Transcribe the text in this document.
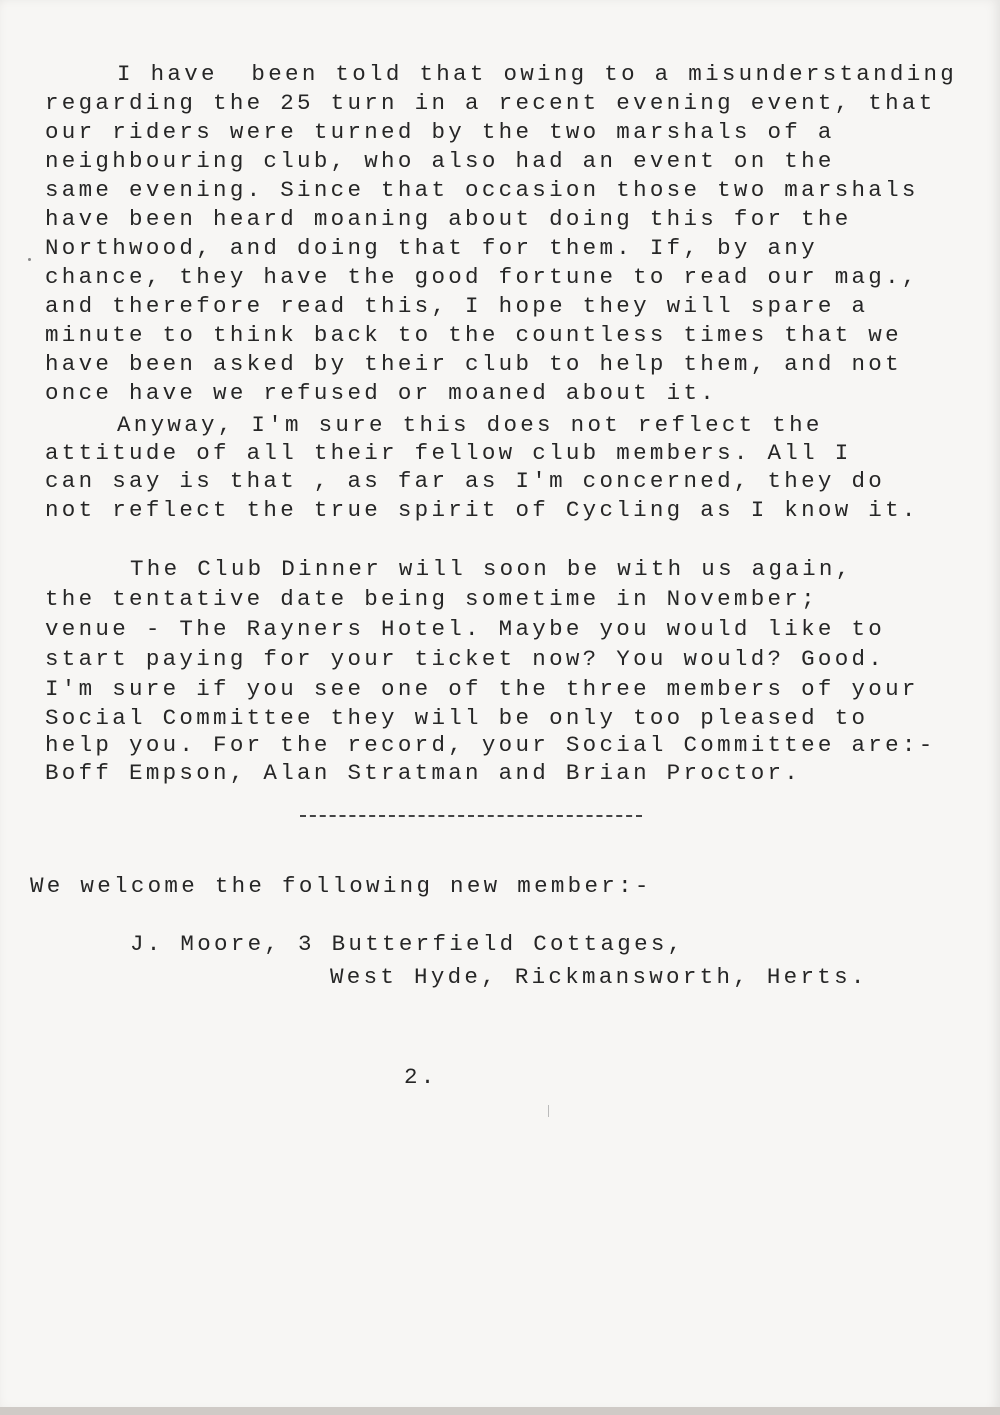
I have  been told that owing to a misunderstanding
regarding the 25 turn in a recent evening event, that
our riders were turned by the two marshals of a
neighbouring club, who also had an event on the
same evening. Since that occasion those two marshals
have been heard moaning about doing this for the
Northwood, and doing that for them. If, by any
chance, they have the good fortune to read our mag.,
and therefore read this, I hope they will spare a
minute to think back to the countless times that we
have been asked by their club to help them, and not
once have we refused or moaned about it.
Anyway, I'm sure this does not reflect the
attitude of all their fellow club members. All I
can say is that , as far as I'm concerned, they do
not reflect the true spirit of Cycling as I know it.
The Club Dinner will soon be with us again,
the tentative date being sometime in November;
venue - The Rayners Hotel. Maybe you would like to
start paying for your ticket now? You would? Good.
I'm sure if you see one of the three members of your
Social Committee they will be only too pleased to
help you. For the record, your Social Committee are:-
Boff Empson, Alan Stratman and Brian Proctor.
We welcome the following new member:-
J. Moore, 3 Butterfield Cottages,
West Hyde, Rickmansworth, Herts.
2.
